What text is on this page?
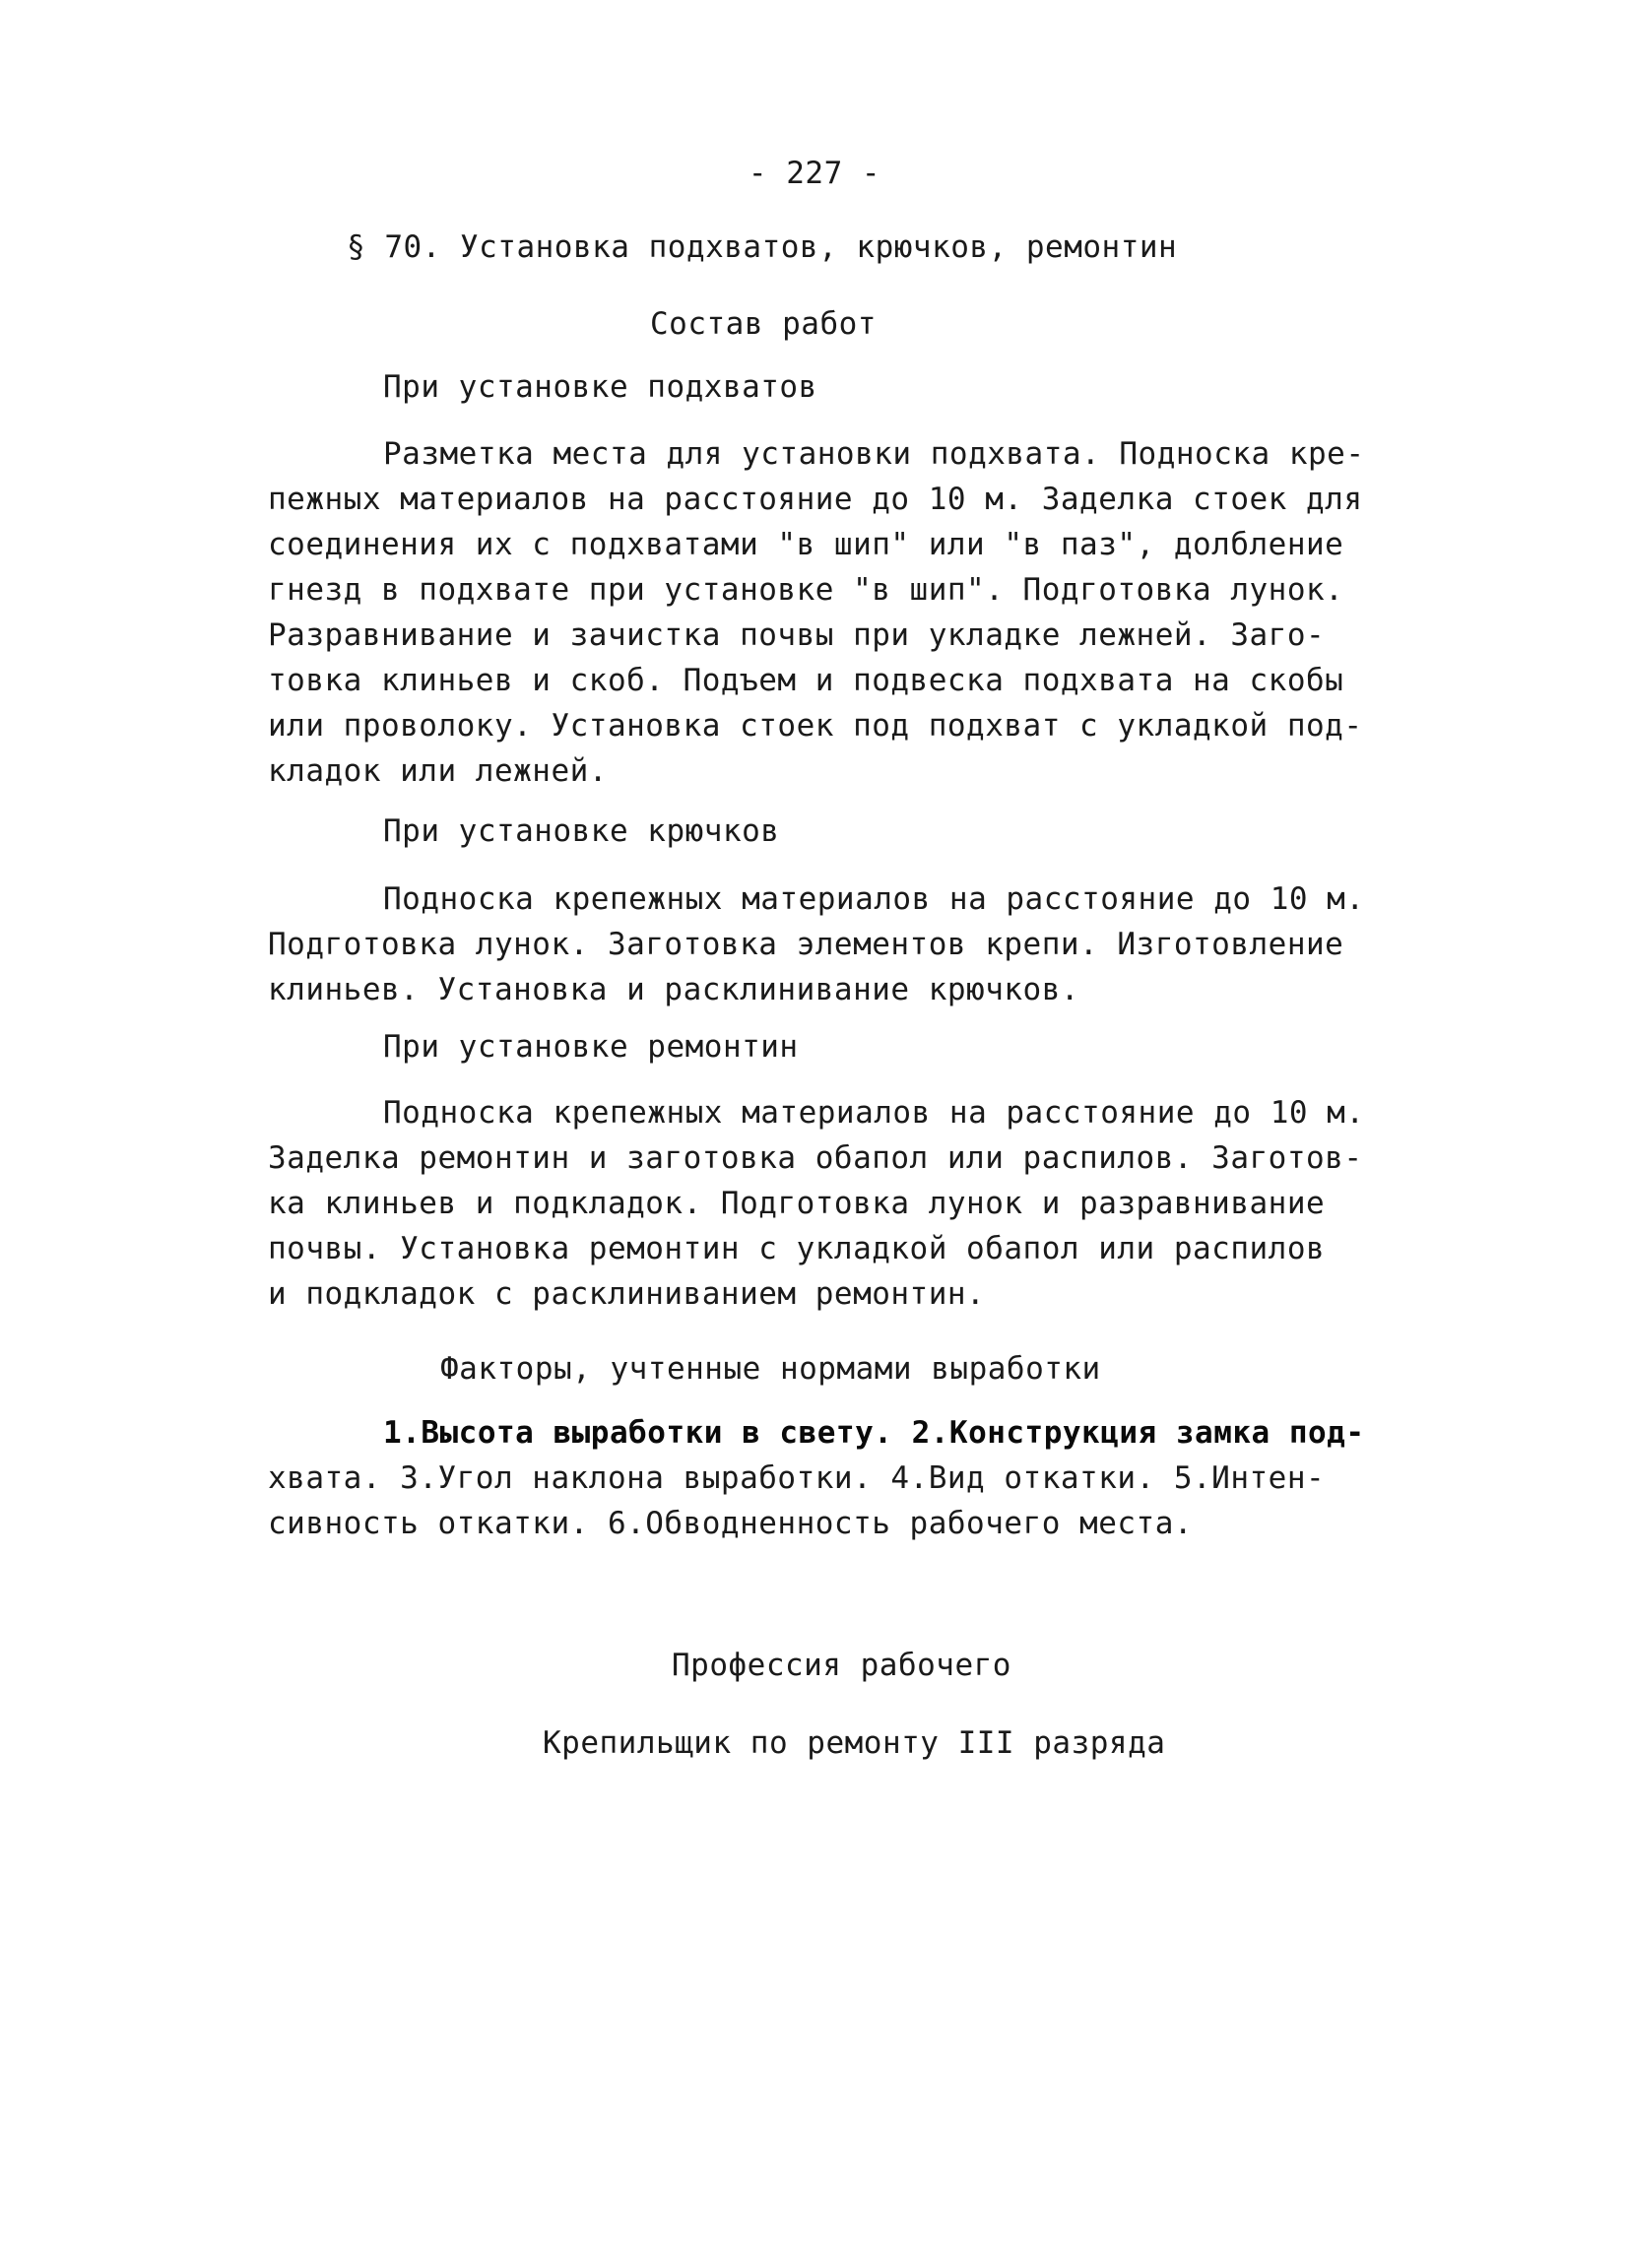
- 227 -
§ 70. Установка подхватов, крючков, ремонтин
Состав работ
При установке подхватов

Разметка места для установки подхвата. Подноска кре-

пежных материалов на расстояние до 10 м. Заделка стоек для

соединения их с подхватами "в шип" или "в паз", долбление

гнезд в подхвате при установке "в шип". Подготовка лунок.

Разравнивание и зачистка почвы при укладке лежней. Заго-

товка клиньев и скоб. Подъем и подвеска подхвата на скобы

или проволоку. Установка стоек под подхват с укладкой под-

кладок или лежней.

При установке крючков

Подноска крепежных материалов на расстояние до 10 м.

Подготовка лунок. Заготовка элементов крепи. Изготовление

клиньев. Установка и расклинивание крючков.

При установке ремонтин

Подноска крепежных материалов на расстояние до 10 м.

Заделка ремонтин и заготовка обапол или распилов. Заготов-

ка клиньев и подкладок. Подготовка лунок и разравнивание

почвы. Установка ремонтин с укладкой обапол или распилов

и подкладок с расклиниванием ремонтин.

Факторы, учтенные нормами выработки

1.Высота выработки в свету. 2.Конструкция замка под-

хвата. 3.Угол наклона выработки. 4.Вид откатки. 5.Интен-

сивность откатки. 6.Обводненность рабочего места.

Профессия рабочего
Крепильщик по ремонту III разряда
